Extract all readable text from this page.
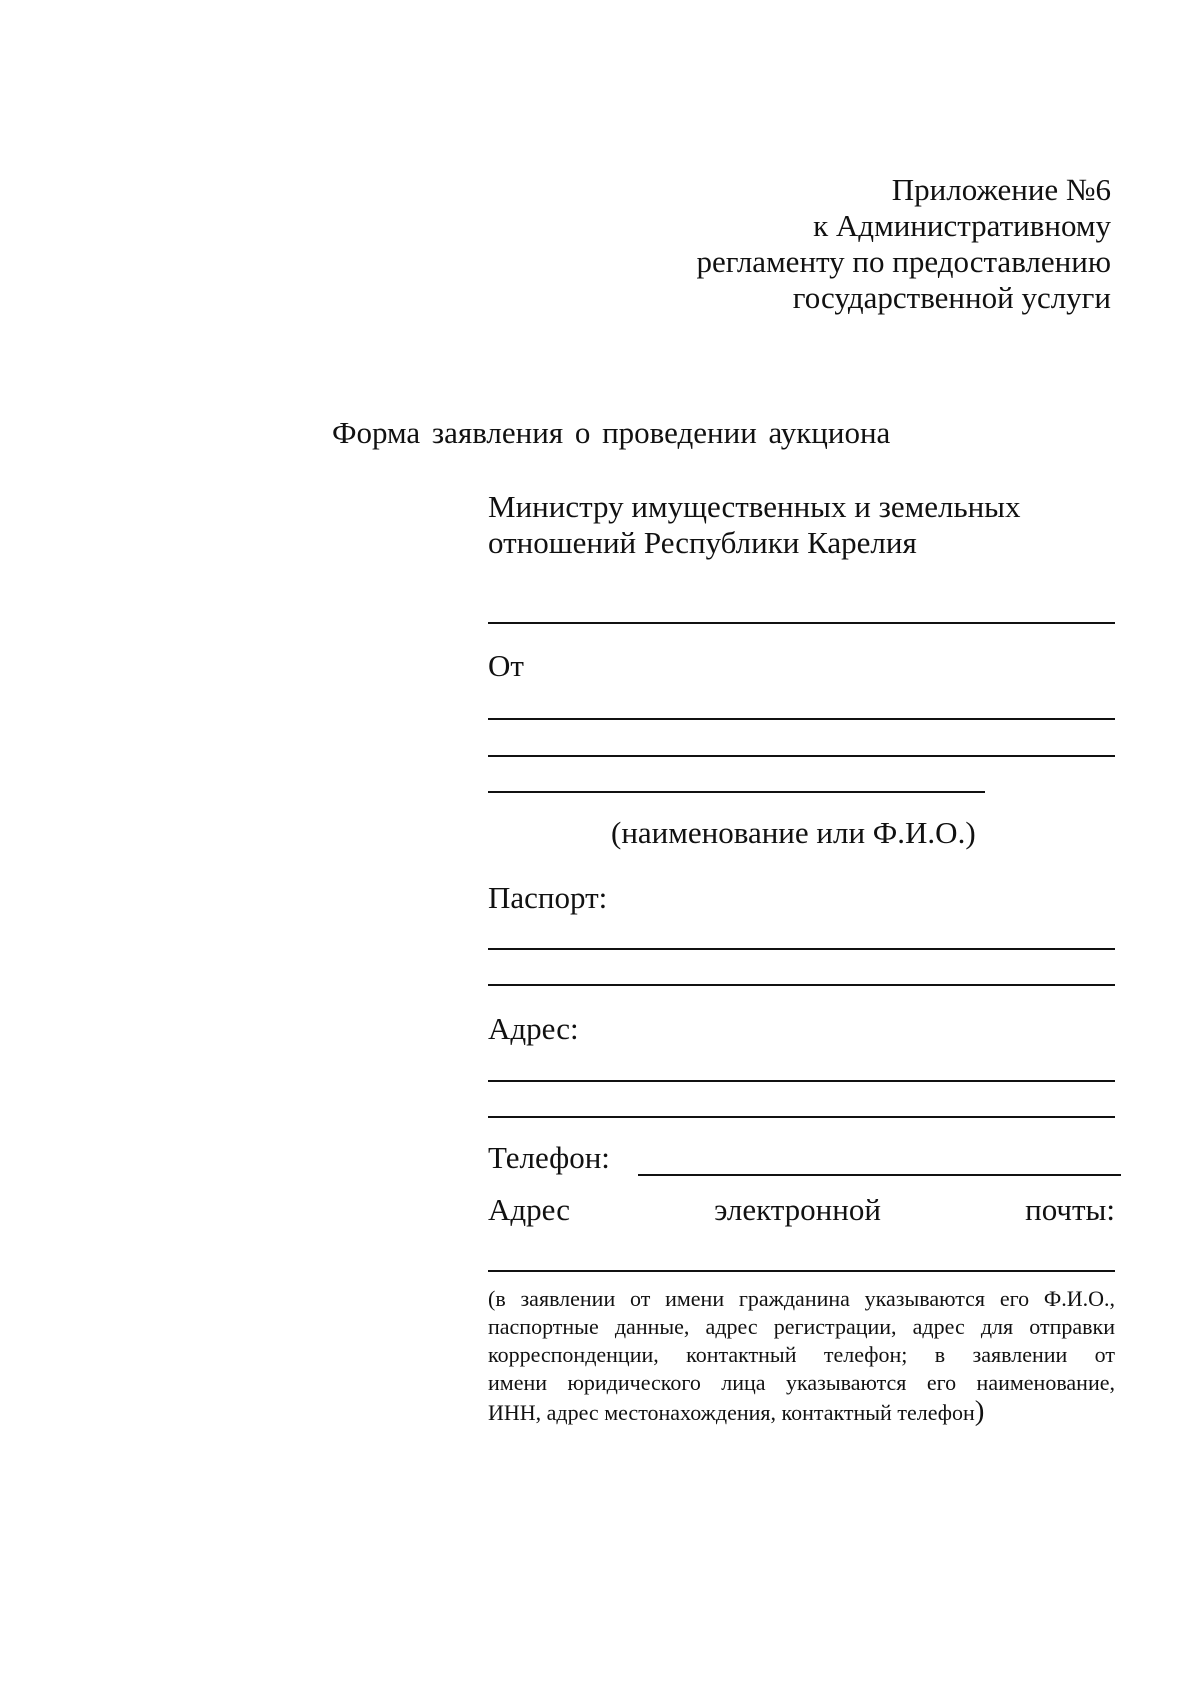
Приложение №6
к Административному
регламенту по предоставлению
государственной услуги
Форма заявления о проведении аукциона
Министру имущественных и земельных
отношений Республики Карелия
От
(наименование или Ф.И.О.)
Паспорт:
Адрес:
Телефон:
Адрес	электронной	почты:
(в заявлении от имени гражданина указываются его Ф.И.О.,
паспортные данные, адрес регистрации, адрес для отправки
корреспонденции, контактный телефон; в заявлении от
имени юридического лица указываются его наименование,
ИНН, адрес местонахождения, контактный телефон)
